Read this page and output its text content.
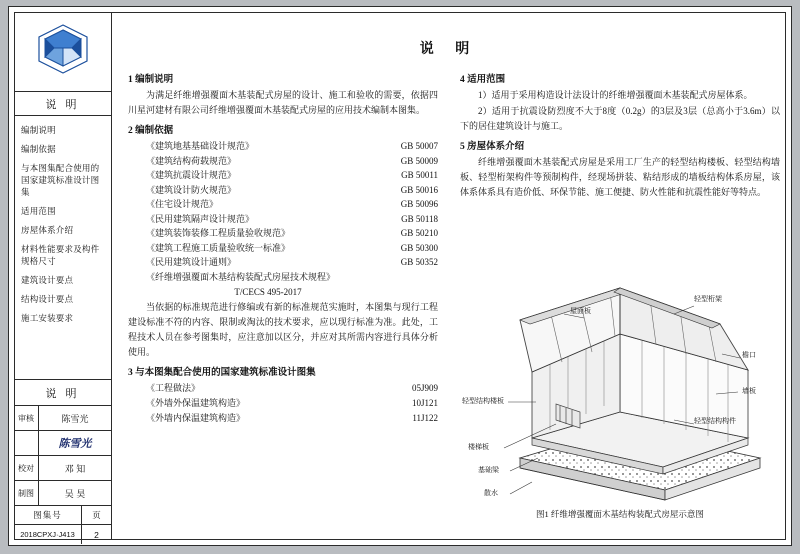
说 明
编制说明
编制依据
与本图集配合使用的国家建筑标准设计图集
适用范围
房屋体系介绍
材料性能要求及构件规格尺寸
建筑设计要点
结构设计要点
施工安装要求
说 明
审核	陈雪光
陈雪光
校对	邓 知
制图	吴 昊
图集号	页
2018CPXJ·J413	2
说 明
1 编制说明
为满足纤维增强覆面木基装配式房屋的设计、施工和验收的需要，依据四川星河建材有限公司纤维增强覆面木基装配式房屋的应用技术编制本图集。
2 编制依据
《建筑地基基础设计规范》	GB 50007
《建筑结构荷载规范》	GB 50009
《建筑抗震设计规范》	GB 50011
《建筑设计防火规范》	GB 50016
《住宅设计规范》	GB 50096
《民用建筑隔声设计规范》	GB 50118
《建筑装饰装修工程质量验收规范》	GB 50210
《建筑工程施工质量验收统一标准》	GB 50300
《民用建筑设计通则》	GB 50352
《纤维增强覆面木基结构装配式房屋技术规程》
T/CECS 495-2017
当依据的标准规范进行修编或有新的标准规范实施时，本图集与现行工程建设标准不符的内容、限制或淘汰的技术要求，应以现行标准为准。此处，工程技术人员在参考图集时，应注意加以区分，并应对其所需内容进行具体分析使用。
3 与本图集配合使用的国家建筑标准设计图集
《工程做法》	05J909
《外墙外保温建筑构造》	10J121
《外墙内保温建筑构造》	11J122
4 适用范围
1）适用于采用构造设计法设计的纤维增强覆面木基装配式房屋体系。
2）适用于抗震设防烈度不大于8度（0.2g）的3层及3层（总高小于3.6m）以下的居住建筑设计与施工。
5 房屋体系介绍
纤维增强覆面木基装配式房屋是采用工厂生产的轻型结构楼板、轻型结构墙板、轻型桁架构件等预制构件，经现场拼装、粘结形成的墙板结构体系房屋，该体系体系具有造价低、环保节能、施工便捷、防火性能和抗震性能好等特点。
屋面板
轻型桁架
檐口
墙板
轻型结构楼板
轻型结构构件
楼梯板
基础梁
散水
图1 纤维增强覆面木基结构装配式房屋示意图
